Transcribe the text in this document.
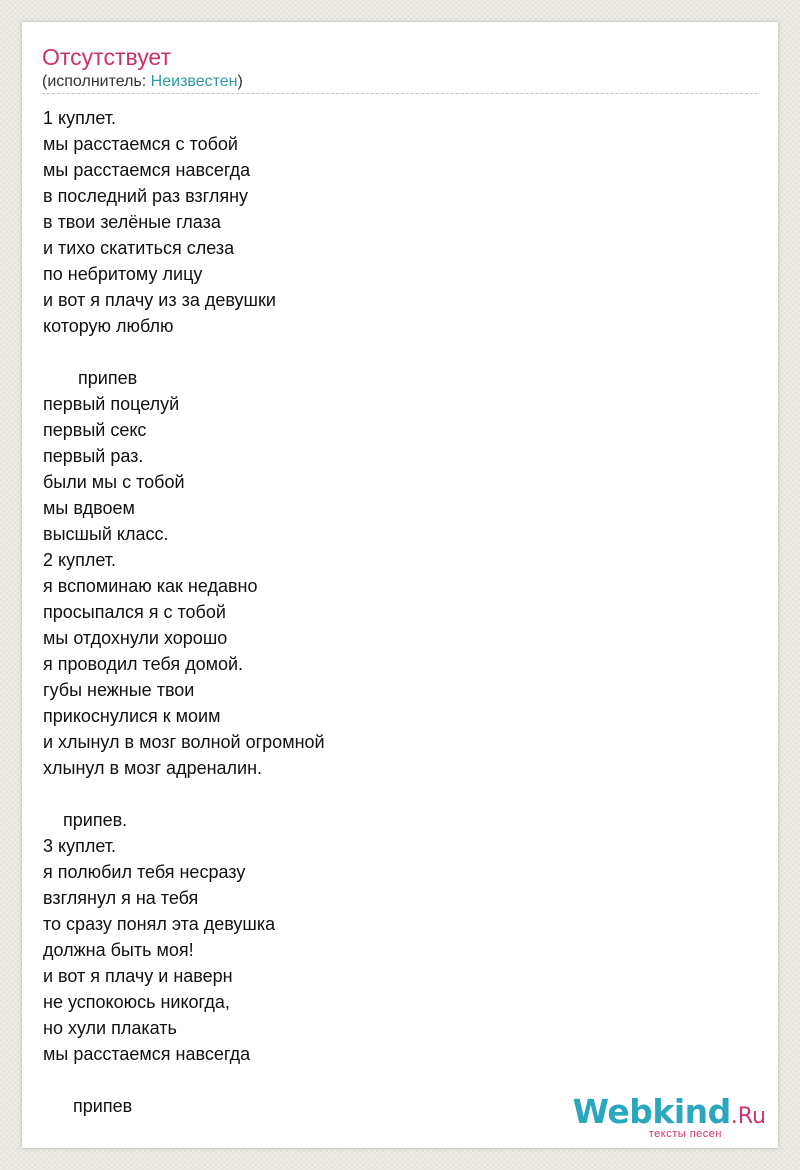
Отсутствует
(исполнитель: Неизвестен)
1 куплет.
мы расстаемся с тобой
мы расстаемся навсегда
в последний раз взгляну
в твои зелёные глаза
и тихо скатиться слеза
по небритому лицу
и вот я плачу из за девушки
которую люблю
припев
первый поцелуй
первый секс
первый раз.
были мы с тобой
мы вдвоем
высшый класс.
2 куплет.
я вспоминаю как недавно
просыпался я с тобой
мы отдохнули хорошо
я проводил тебя домой.
губы нежные твои
прикоснулися к моим
и хлынул в мозг волной огромной
хлынул в мозг адреналин.
припев.
3 куплет.
я полюбил тебя несразу
взглянул я на тебя
то сразу понял эта девушка
должна быть моя!
и вот я плачу и наверн
не успокоюсь никогда,
но хули плакать
мы расстаемся навсегда
припев	Webkind.Ru
тексты песен
